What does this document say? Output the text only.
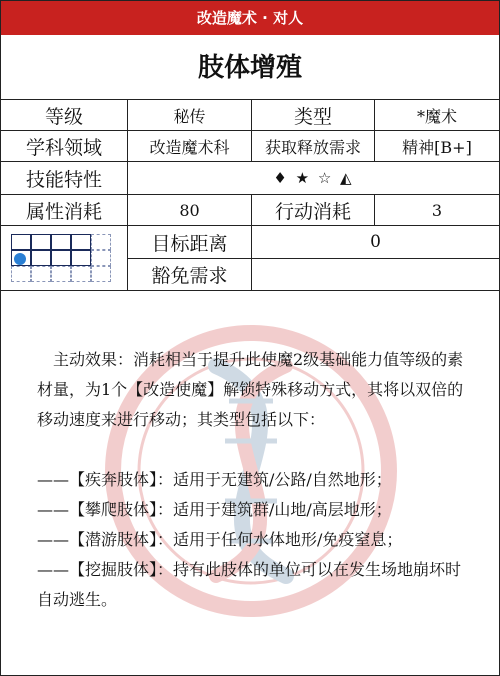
改造魔术 · 对人
肢体增殖
等级	秘传	类型	*魔术
学科领域	改造魔术科	获取释放需求	精神[B+]
技能特性	♦ ★ ☆ ◭
属性消耗	80	行动消耗	3
目标距离	0
豁免需求

主动效果：消耗相当于提升此使魔2级基础能力值等级的素材量，为1个【改造使魔】解锁特殊移动方式，其将以双倍的移动速度来进行移动；其类型包括以下：

——【疾奔肢体】：适用于无建筑/公路/自然地形；

——【攀爬肢体】：适用于建筑群/山地/高层地形；

——【潜游肢体】：适用于任何水体地形/免疫窒息；

——【挖掘肢体】：持有此肢体的单位可以在发生场地崩坏时自动逃生。
